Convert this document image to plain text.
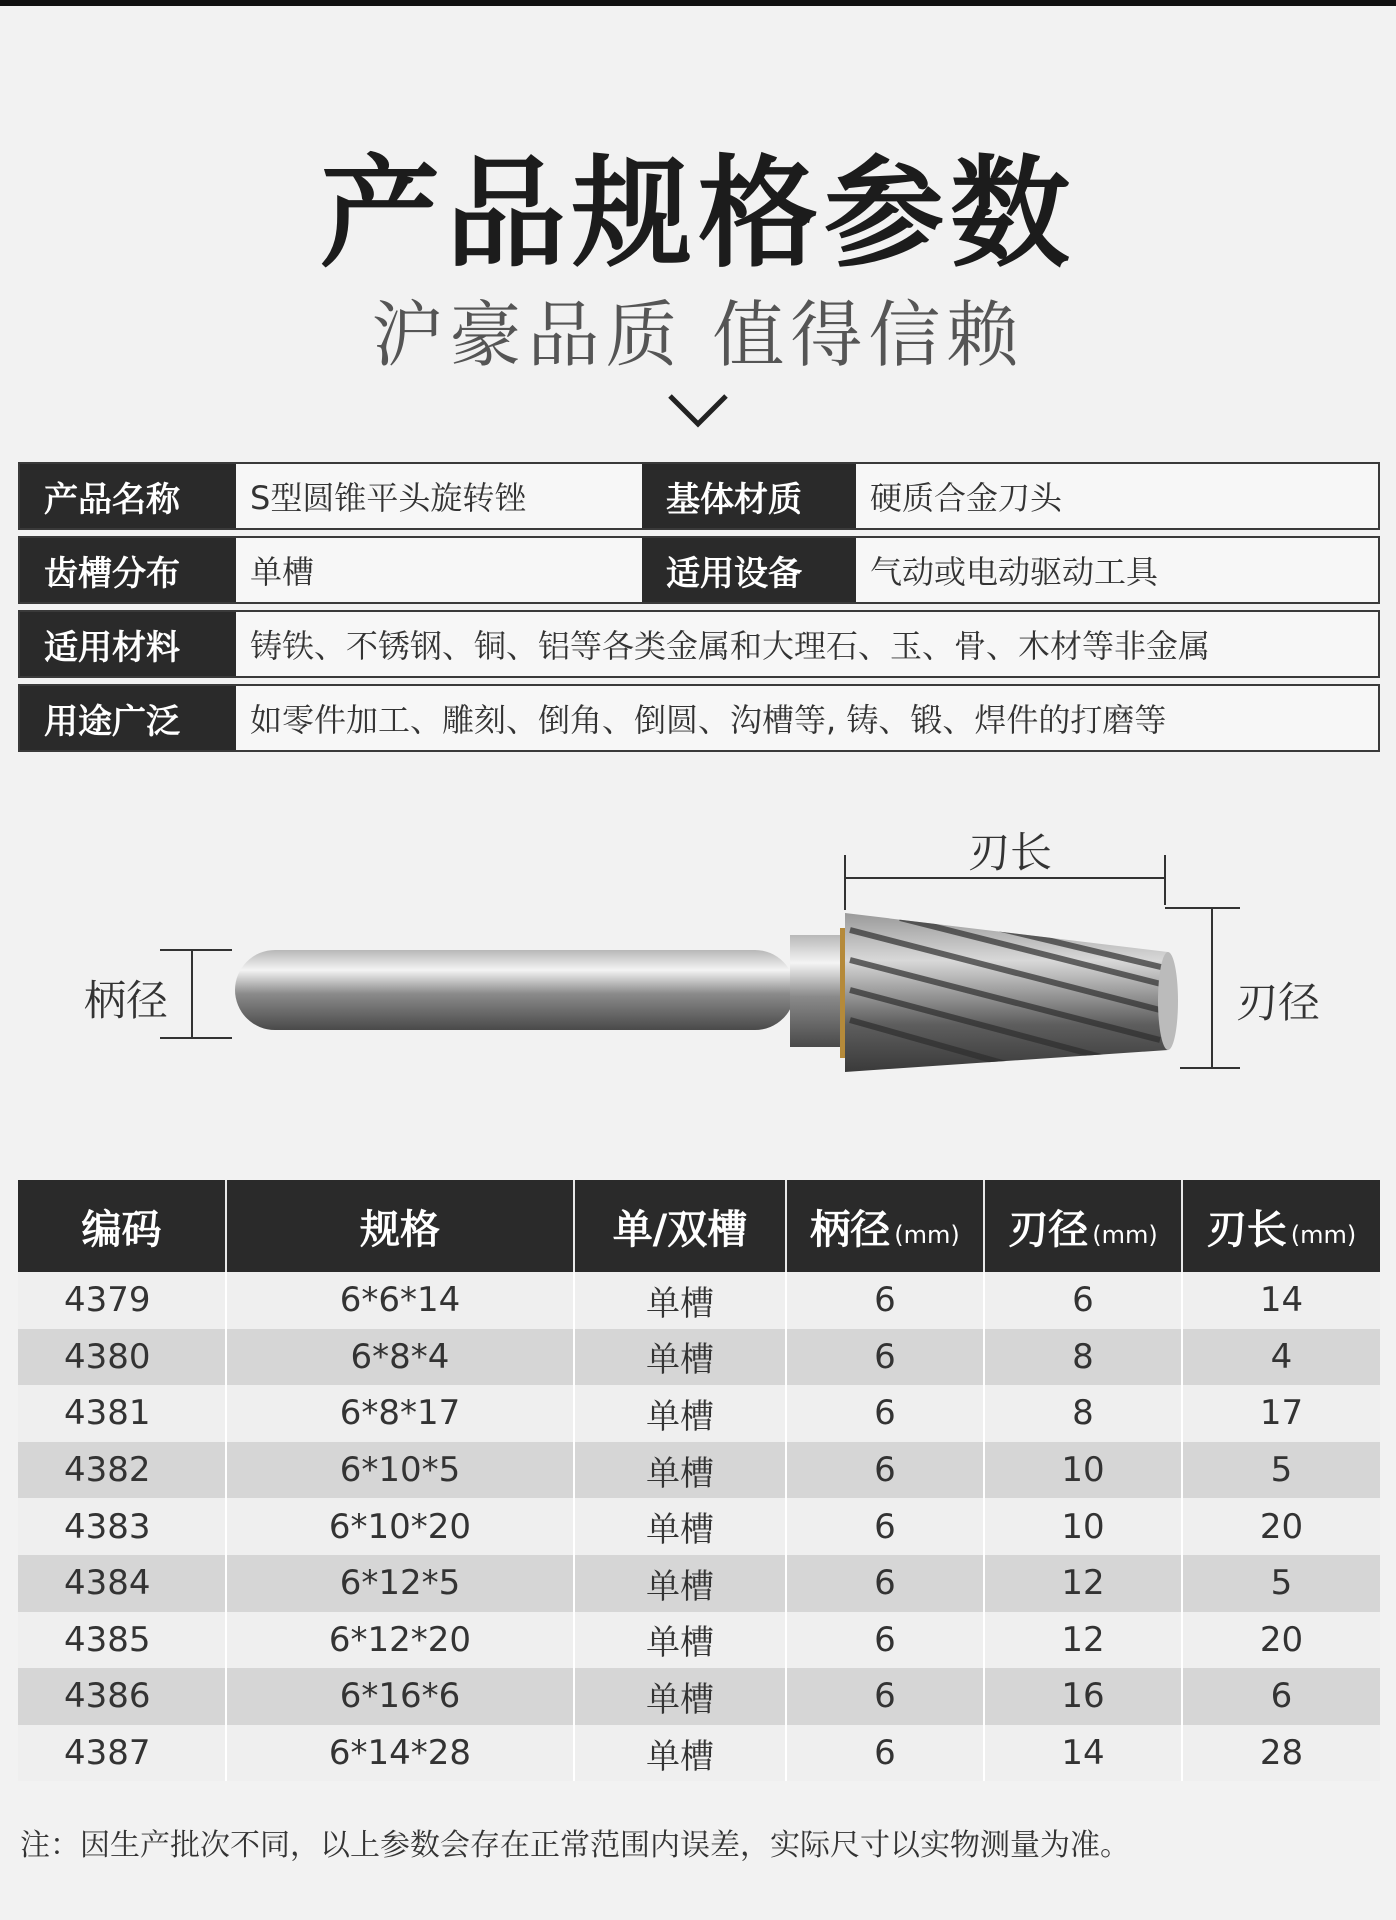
产品规格参数
沪豪品质 值得信赖
产品名称	S型圆锥平头旋转锉	基体材质	硬质合金刀头
齿槽分布	单槽	适用设备	气动或电动驱动工具
适用材料	铸铁、不锈钢、铜、铝等各类金属和大理石、玉、骨、木材等非金属
用途广泛	如零件加工、雕刻、倒角、倒圆、沟槽等, 铸、锻、焊件的打磨等
刃长
柄径	刃径
编码	规格	单/双槽	柄径 (mm)	刃径 (mm)	刃长 (mm)
4379	6*6*14	单槽	6	6	14
4380	6*8*4	单槽	6	8	4
4381	6*8*17	单槽	6	8	17
4382	6*10*5	单槽	6	10	5
4383	6*10*20	单槽	6	10	20
4384	6*12*5	单槽	6	12	5
4385	6*12*20	单槽	6	12	20
4386	6*16*6	单槽	6	16	6
4387	6*14*28	单槽	6	14	28
注：因生产批次不同，以上参数会存在正常范围内误差，实际尺寸以实物测量为准。
